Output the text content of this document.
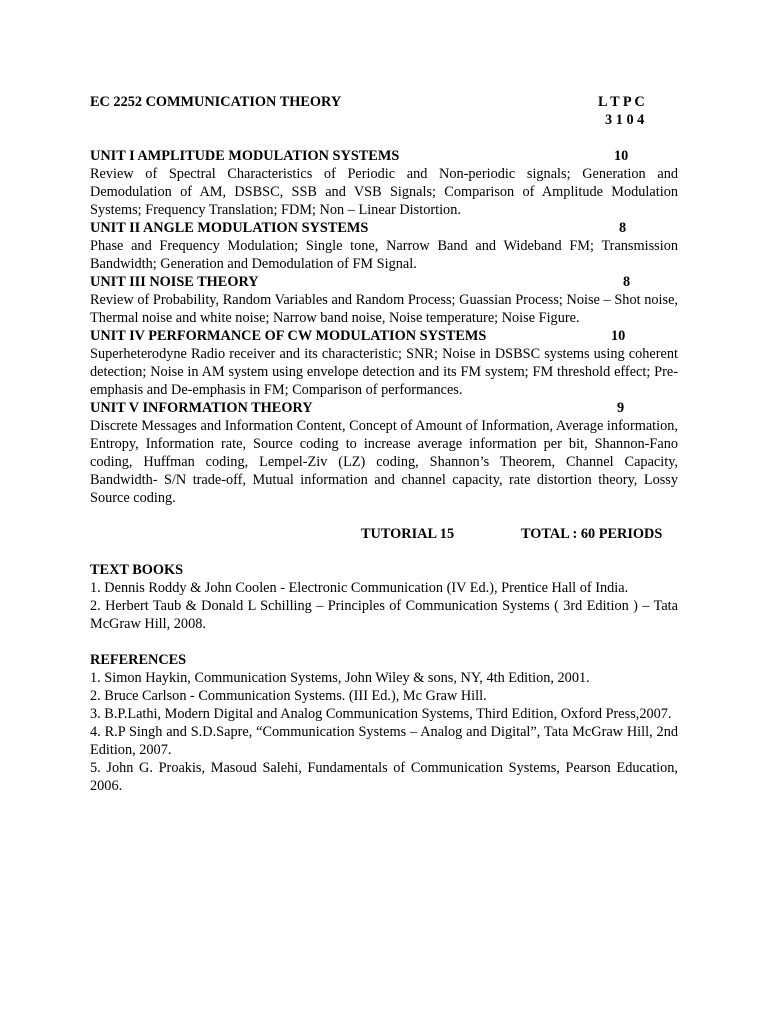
EC 2252 COMMUNICATION THEORY	L T P C
3 1 0 4
UNIT I AMPLITUDE MODULATION SYSTEMS	10

Review of Spectral Characteristics of Periodic and Non-periodic signals; Generation and Demodulation of AM, DSBSC, SSB and VSB Signals; Comparison of Amplitude Modulation Systems; Frequency Translation; FDM; Non – Linear Distortion.

UNIT II ANGLE MODULATION SYSTEMS	8

Phase and Frequency Modulation; Single tone, Narrow Band and Wideband FM; Transmission Bandwidth; Generation and Demodulation of FM Signal.

UNIT III NOISE THEORY	8

Review of Probability, Random Variables and Random Process; Guassian Process; Noise – Shot noise, Thermal noise and white noise; Narrow band noise, Noise temperature; Noise Figure.

UNIT IV PERFORMANCE OF CW MODULATION SYSTEMS	10

Superheterodyne Radio receiver and its characteristic; SNR; Noise in DSBSC systems using coherent detection; Noise in AM system using envelope detection and its FM system; FM threshold effect; Pre-emphasis and De-emphasis in FM; Comparison of performances.

UNIT V INFORMATION THEORY	9

Discrete Messages and Information Content, Concept of Amount of Information, Average information, Entropy, Information rate, Source coding to increase average information per bit, Shannon-Fano coding, Huffman coding, Lempel-Ziv (LZ) coding, Shannon’s Theorem, Channel Capacity, Bandwidth- S/N trade-off, Mutual information and channel capacity, rate distortion theory, Lossy Source coding.

TUTORIAL 15	TOTAL : 60 PERIODS
TEXT BOOKS

1. Dennis Roddy & John Coolen - Electronic Communication (IV Ed.), Prentice Hall of India.

2. Herbert Taub & Donald L Schilling – Principles of Communication Systems ( 3rd Edition ) – Tata McGraw Hill, 2008.

REFERENCES

1. Simon Haykin, Communication Systems, John Wiley & sons, NY, 4th Edition, 2001.

2. Bruce Carlson - Communication Systems. (III Ed.), Mc Graw Hill.

3. B.P.Lathi, Modern Digital and Analog Communication Systems, Third Edition, Oxford Press,2007.

4. R.P Singh and S.D.Sapre, “Communication Systems – Analog and Digital”, Tata McGraw Hill, 2nd Edition, 2007.

5. John G. Proakis, Masoud Salehi, Fundamentals of Communication Systems, Pearson Education, 2006.
